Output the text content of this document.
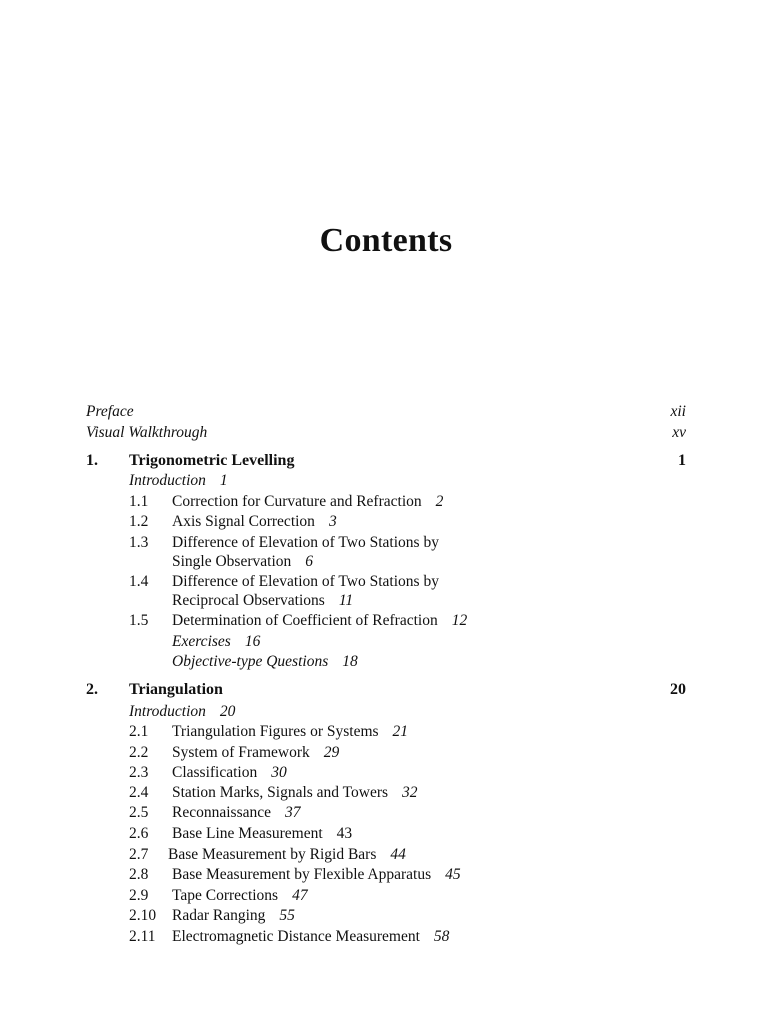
Contents
Preface	xii
Visual Walkthrough	xv
1. Trigonometric Levelling	1
Introduction 1
1.1 Correction for Curvature and Refraction 2
1.2 Axis Signal Correction 3
1.3 Difference of Elevation of Two Stations by
Single Observation 6
1.4 Difference of Elevation of Two Stations by
Reciprocal Observations 11
1.5 Determination of Coefficient of Refraction 12
Exercises 16
Objective-type Questions 18
2. Triangulation	20
Introduction 20
2.1 Triangulation Figures or Systems 21
2.2 System of Framework 29
2.3 Classification 30
2.4 Station Marks, Signals and Towers 32
2.5 Reconnaissance 37
2.6 Base Line Measurement 43
2.7 Base Measurement by Rigid Bars 44
2.8 Base Measurement by Flexible Apparatus 45
2.9 Tape Corrections 47
2.10 Radar Ranging 55
2.11 Electromagnetic Distance Measurement 58
